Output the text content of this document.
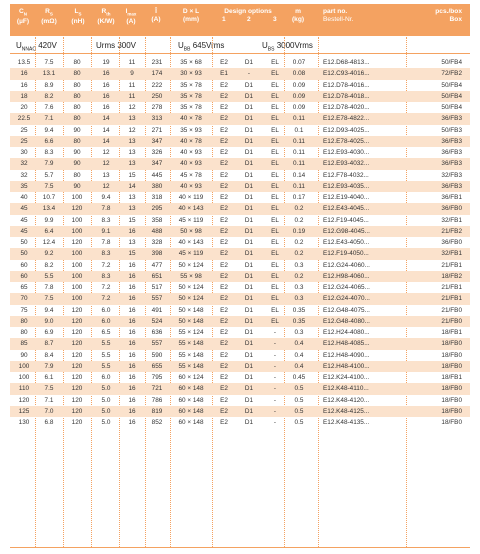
$C_N$
(µF)
$R_S$
(mΩ)
$L_S$
(nH)
$R_{th}$
(K/W)
$I_{max}$
(A)
Î
(A)
D × L
(mm)
Design options
1	2	3
m
(kg)
part no.
Bestell-Nr.
pcs./box
Box
$U_{NNAC}$ 420V	Urms 300V	$U_{BB}$ 645Vrms	$U_{BS}$ 3000Vrms
13.5	7.5	80	19	11	231	35 × 68	E2	D1	EL	0.07	E12.D68-4813...	50/FB4
16	13.1	80	16	9	174	30 × 93	E1	-	EL	0.08	E12.C93-4016...	72/FB2
16	8.9	80	16	11	222	35 × 78	E2	D1	EL	0.09	E12.D78-4016...	50/FB4
18	8.2	80	16	11	250	35 × 78	E2	D1	EL	0.09	E12.D78-4018...	50/FB4
20	7.6	80	16	12	278	35 × 78	E2	D1	EL	0.09	E12.D78-4020...	50/FB4
22.5	7.1	80	14	13	313	40 × 78	E2	D1	EL	0.11	E12.E78-4822...	36/FB3
25	9.4	90	14	12	271	35 × 93	E2	D1	EL	0.1	E12.D93-4025...	50/FB3
25	6.6	80	14	13	347	40 × 78	E2	D1	EL	0.11	E12.E78-4025...	36/FB3
30	8.3	90	12	13	326	40 × 93	E2	D1	EL	0.11	E12.E93-4030...	36/FB3
32	7.9	90	12	13	347	40 × 93	E2	D1	EL	0.11	E12.E93-4032...	36/FB3
32	5.7	80	13	15	445	45 × 78	E2	D1	EL	0.14	E12.F78-4032...	32/FB3
35	7.5	90	12	14	380	40 × 93	E2	D1	EL	0.11	E12.E93-4035...	36/FB3
40	10.7	100	9.4	13	318	40 × 119	E2	D1	EL	0.17	E12.E19-4040...	36/FB1
45	13.4	120	7.8	13	295	40 × 143	E2	D1	EL	0.2	E12.E43-4045...	36/FB0
45	9.9	100	8.3	15	358	45 × 119	E2	D1	EL	0.2	E12.F19-4045...	32/FB1
45	6.4	100	9.1	16	488	50 × 98	E2	D1	EL	0.19	E12.G98-4045...	21/FB2
50	12.4	120	7.8	13	328	40 × 143	E2	D1	EL	0.2	E12.E43-4050...	36/FB0
50	9.2	100	8.3	15	398	45 × 119	E2	D1	EL	0.2	E12.F19-4050...	32/FB1
60	8.2	100	7.2	16	477	50 × 124	E2	D1	EL	0.3	E12.G24-4060...	21/FB1
60	5.5	100	8.3	16	651	55 × 98	E2	D1	EL	0.2	E12.H98-4060...	18/FB2
65	7.8	100	7.2	16	517	50 × 124	E2	D1	EL	0.3	E12.G24-4065...	21/FB1
70	7.5	100	7.2	16	557	50 × 124	E2	D1	EL	0.3	E12.G24-4070...	21/FB1
75	9.4	120	6.0	16	491	50 × 148	E2	D1	EL	0.35	E12.G48-4075...	21/FB0
80	9.0	120	6.0	16	524	50 × 148	E2	D1	EL	0.35	E12.G48-4080...	21/FB0
80	6.9	120	6.5	16	636	55 × 124	E2	D1	-	0.3	E12.H24-4080...	18/FB1
85	8.7	120	5.5	16	557	55 × 148	E2	D1	-	0.4	E12.H48-4085...	18/FB0
90	8.4	120	5.5	16	590	55 × 148	E2	D1	-	0.4	E12.H48-4090...	18/FB0
100	7.9	120	5.5	16	655	55 × 148	E2	D1	-	0.4	E12.H48-4100...	18/FB0
100	6.1	120	6.0	16	795	60 × 124	E2	D1	-	0.45	E12.K24-4100...	18/FB1
110	7.5	120	5.0	16	721	60 × 148	E2	D1	-	0.5	E12.K48-4110...	18/FB0
120	7.1	120	5.0	16	786	60 × 148	E2	D1	-	0.5	E12.K48-4120...	18/FB0
125	7.0	120	5.0	16	819	60 × 148	E2	D1	-	0.5	E12.K48-4125...	18/FB0
130	6.8	120	5.0	16	852	60 × 148	E2	D1	-	0.5	E12.K48-4135...	18/FB0
